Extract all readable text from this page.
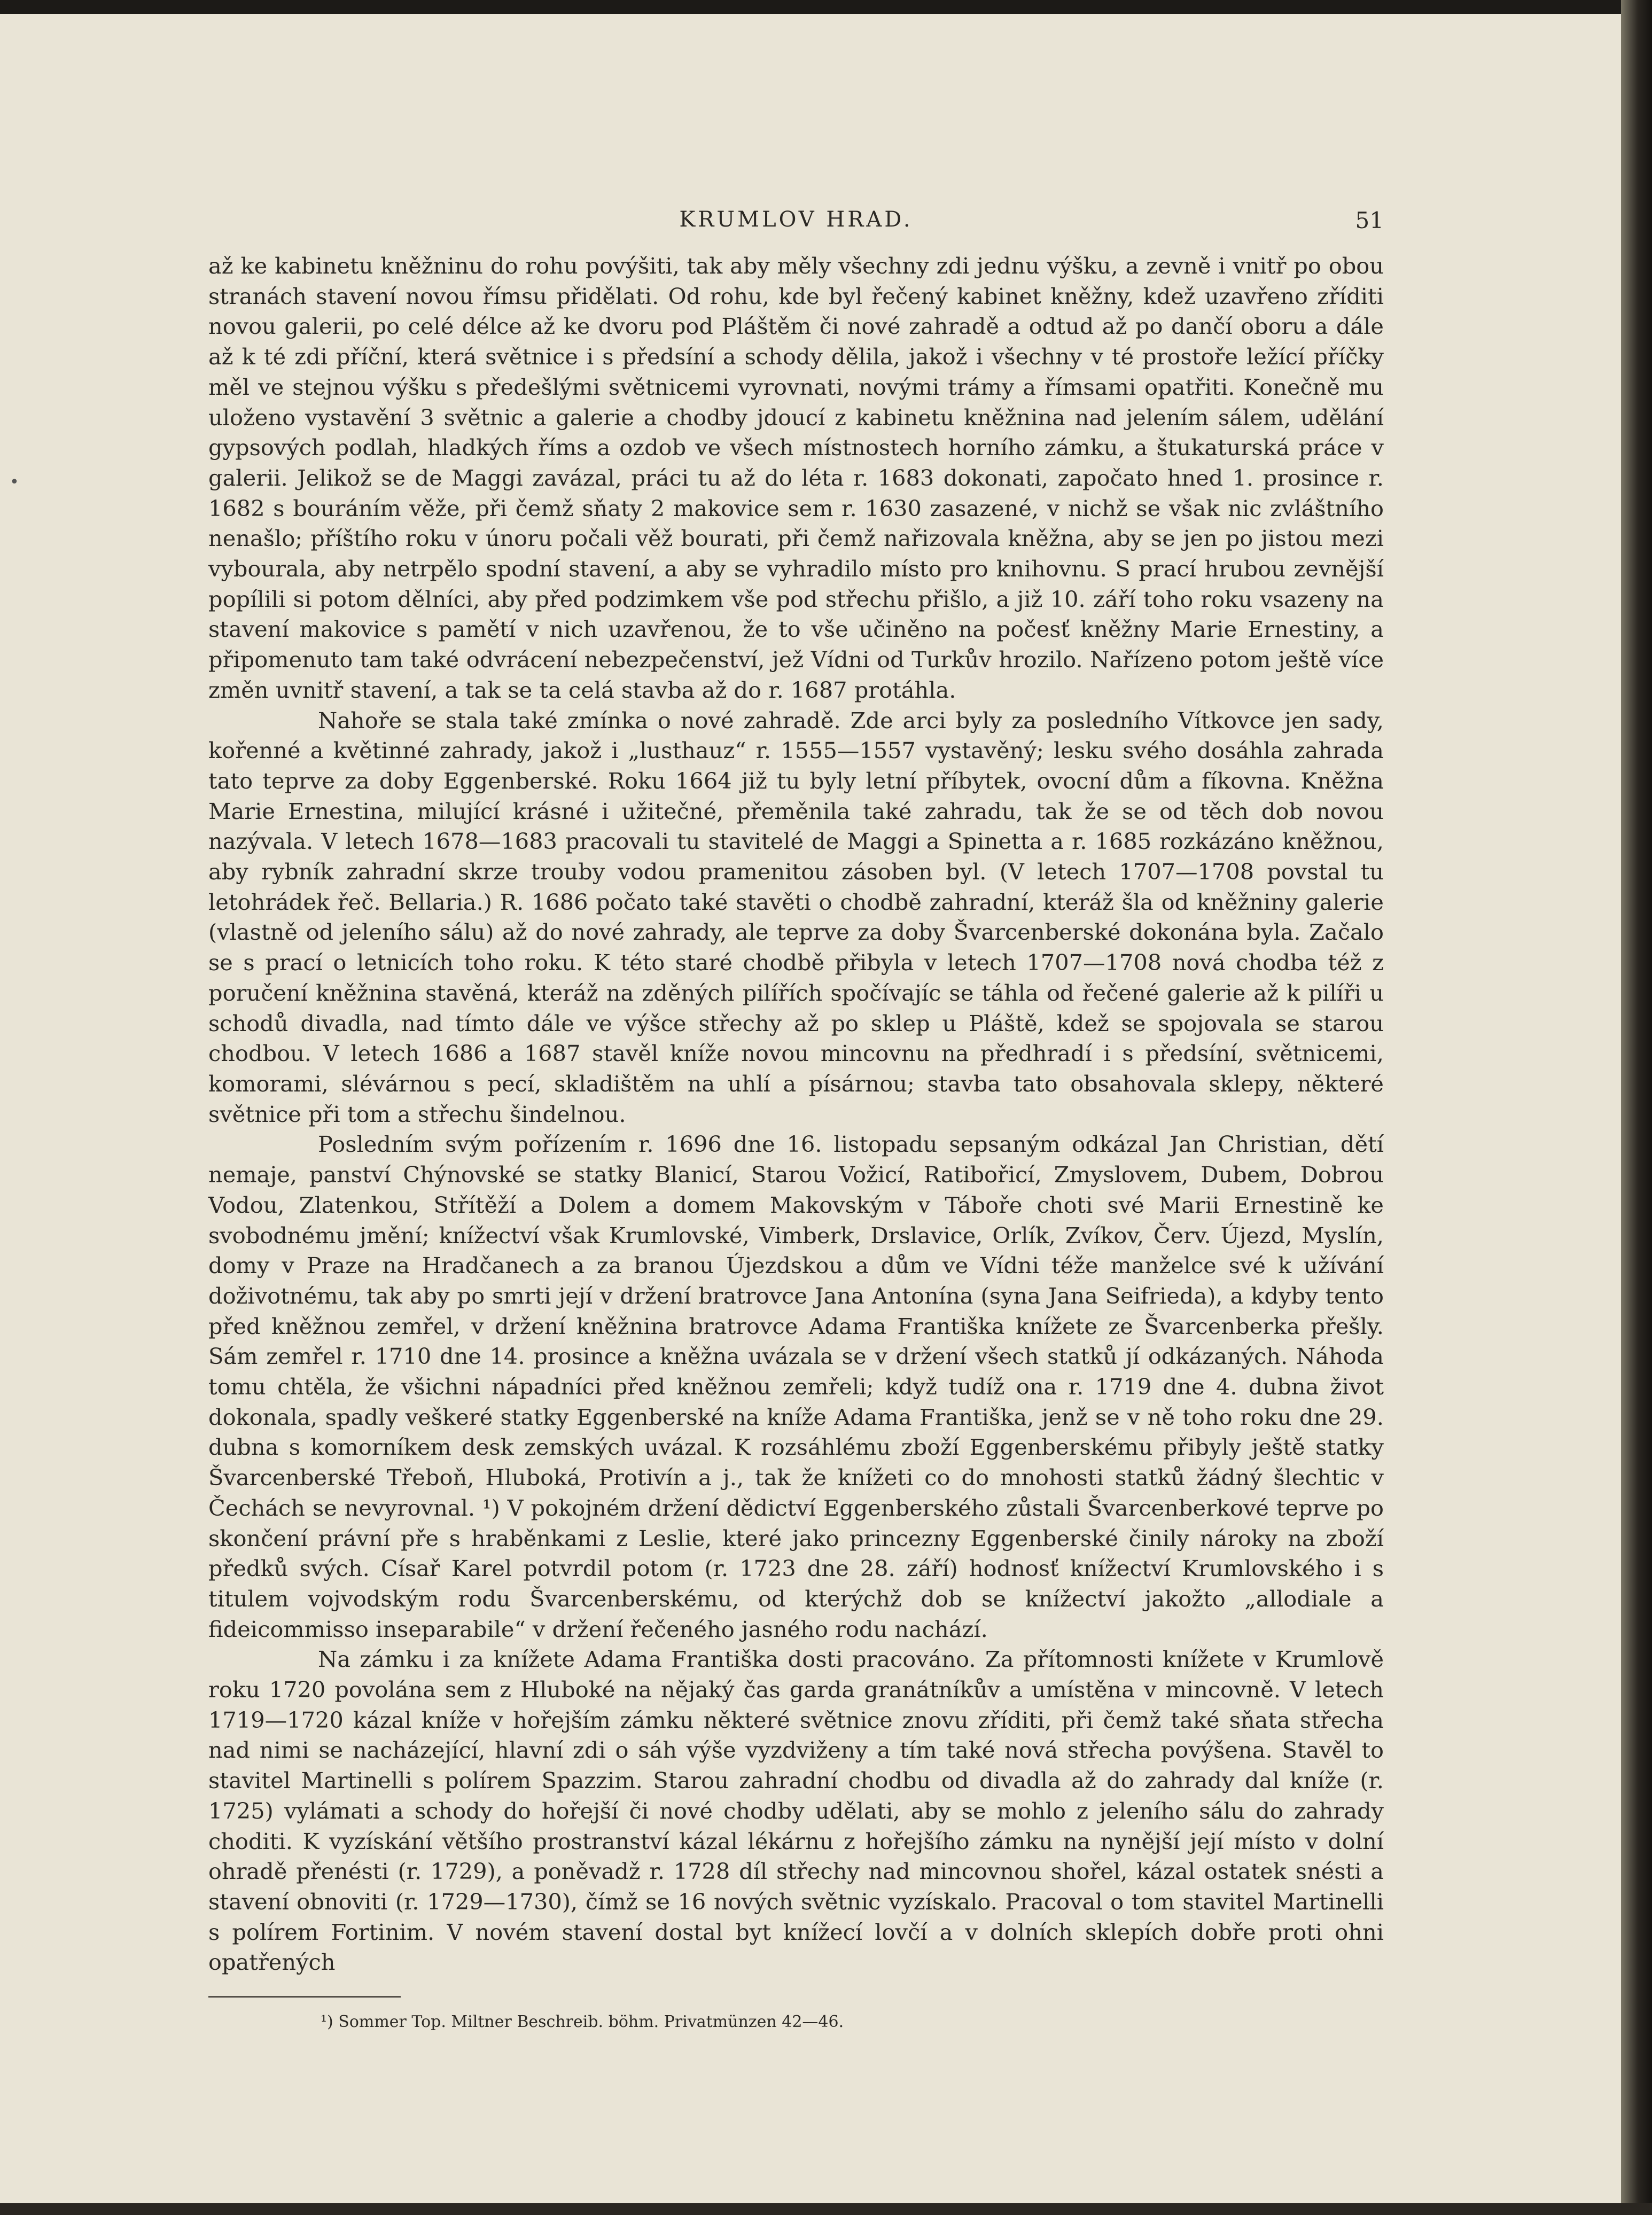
•
KRUMLOV HRAD.	51

až ke kabinetu kněžninu do rohu povýšiti, tak aby měly všechny zdi jednu výšku, a zevně i vnitř po obou stranách stavení novou římsu přidělati. Od rohu, kde byl řečený kabinet kněžny, kdež uzavřeno zříditi novou galerii, po celé délce až ke dvoru pod Pláštěm či nové zahradě a odtud až po dančí oboru a dále až k té zdi příční, která světnice i s předsíní a schody dělila, jakož i všechny v té prostoře ležící příčky měl ve stejnou výšku s předešlými světnicemi vyrovnati, novými trámy a římsami opatřiti. Konečně mu uloženo vystavění 3 světnic a galerie a chodby jdoucí z kabinetu kněžnina nad jelením sálem, udělání gypsových podlah, hladkých říms a ozdob ve všech místnostech horního zámku, a štukaturská práce v galerii. Jelikož se de Maggi zavázal, práci tu až do léta r. 1683 dokonati, započato hned 1. prosince r. 1682 s bouráním věže, při čemž sňaty 2 makovice sem r. 1630 zasazené, v nichž se však nic zvláštního nenašlo; příštího roku v únoru počali věž bourati, při čemž nařizovala kněžna, aby se jen po jistou mezi vybourala, aby netrpělo spodní stavení, a aby se vyhradilo místo pro knihovnu. S prací hrubou zevnější popílili si potom dělníci, aby před podzimkem vše pod střechu přišlo, a již 10. září toho roku vsazeny na stavení makovice s pamětí v nich uzavřenou, že to vše učiněno na počesť kněžny Marie Ernestiny, a připomenuto tam také odvrácení nebezpečenství, jež Vídni od Turkův hrozilo. Nařízeno potom ještě více změn uvnitř stavení, a tak se ta celá stavba až do r. 1687 protáhla.

Nahoře se stala také zmínka o nové zahradě. Zde arci byly za posledního Vítkovce jen sady, kořenné a květinné zahrady, jakož i „lusthauz“ r. 1555—1557 vystavěný; lesku svého dosáhla zahrada tato teprve za doby Eggenberské. Roku 1664 již tu byly letní příbytek, ovocní dům a fíkovna. Kněžna Marie Ernestina, milující krásné i užitečné, přeměnila také zahradu, tak že se od těch dob novou nazývala. V letech 1678—1683 pracovali tu stavitelé de Maggi a Spinetta a r. 1685 rozkázáno kněžnou, aby rybník zahradní skrze trouby vodou pramenitou zásoben byl. (V letech 1707—1708 povstal tu letohrádek řeč. Bellaria.) R. 1686 počato také stavěti o chodbě zahradní, kteráž šla od kněžniny galerie (vlastně od jeleního sálu) až do nové zahrady, ale teprve za doby Švarcenberské dokonána byla. Začalo se s prací o letnicích toho roku. K této staré chodbě přibyla v letech 1707—1708 nová chodba též z poručení kněžnina stavěná, kteráž na zděných pilířích spočívajíc se táhla od řečené galerie až k pilíři u schodů divadla, nad tímto dále ve výšce střechy až po sklep u Pláště, kdež se spojovala se starou chodbou. V letech 1686 a 1687 stavěl kníže novou mincovnu na předhradí i s předsíní, světnicemi, komorami, slévárnou s pecí, skladištěm na uhlí a písárnou; stavba tato obsahovala sklepy, některé světnice při tom a střechu šindelnou.

Posledním svým pořízením r. 1696 dne 16. listopadu sepsaným odkázal Jan Christian, dětí nemaje, panství Chýnovské se statky Blanicí, Starou Vožicí, Ratibořicí, Zmyslovem, Dubem, Dobrou Vodou, Zlatenkou, Střítěží a Dolem a domem Makovským v Táboře choti své Marii Ernestině ke svobodnému jmění; knížectví však Krumlovské, Vimberk, Drslavice, Orlík, Zvíkov, Červ. Újezd, Myslín, domy v Praze na Hradčanech a za branou Újezdskou a dům ve Vídni téže manželce své k užívání doživotnému, tak aby po smrti její v držení bratrovce Jana Antonína (syna Jana Seifrieda), a kdyby tento před kněžnou zemřel, v držení kněžnina bratrovce Adama Františka knížete ze Švarcenberka přešly. Sám zemřel r. 1710 dne 14. prosince a kněžna uvázala se v držení všech statků jí odkázaných. Náhoda tomu chtěla, že všichni nápadníci před kněžnou zemřeli; když tudíž ona r. 1719 dne 4. dubna život dokonala, spadly veškeré statky Eggenberské na knížе Adama Františka, jenž se v ně toho roku dne 29. dubna s komorníkem desk zemských uvázal. K rozsáhlému zboží Eggenberskému přibyly ještě statky Švarcenberské Třeboň, Hluboká, Protivín a j., tak že knížeti co do mnohosti statků žádný šlechtic v Čechách se nevyrovnal. ¹) V pokojném držení dědictví Eggenberského zůstali Švarcenberkové teprve po skončení právní pře s hraběnkami z Leslie, které jako princezny Eggenberské činily nároky na zboží předků svých. Císař Karel potvrdil potom (r. 1723 dne 28. září) hodnosť knížectví Krumlovského i s titulem vojvodským rodu Švarcenberskému, od kterýchž dob se knížectví jakožto „allodiale a fideicommisso inseparabile“ v držení řečeného jasného rodu nachází.

Na zámku i za knížete Adama Františka dosti pracováno. Za přítomnosti knížete v Krumlově roku 1720 povolána sem z Hluboké na nějaký čas garda granátníkův a umístěna v mincovně. V letech 1719—1720 kázal kníže v hořejším zámku některé světnice znovu zříditi, při čemž také sňata střecha nad nimi se nacházející, hlavní zdi o sáh výše vyzdviženy a tím také nová střecha povýšena. Stavěl to stavitel Martinelli s polírem Spazzim. Starou zahradní chodbu od divadla až do zahrady dal kníže (r. 1725) vylámati a schody do hořejší či nové chodby udělati, aby se mohlo z jeleního sálu do zahrady choditi. K vyzískání většího prostranství kázal lékárnu z hořejšího zámku na nynější její místo v dolní ohradě přenésti (r. 1729), a poněvadž r. 1728 díl střechy nad mincovnou shořel, kázal ostatek snésti a stavení obnoviti (r. 1729—1730), čímž se 16 nových světnic vyzískalo. Pracoval o tom stavitel Martinelli s polírem Fortinim. V novém stavení dostal byt knížecí lovčí a v dolních sklepích dobře proti ohni opatřených

¹) Sommer Top. Miltner Beschreib. böhm. Privatmünzen 42—46.
